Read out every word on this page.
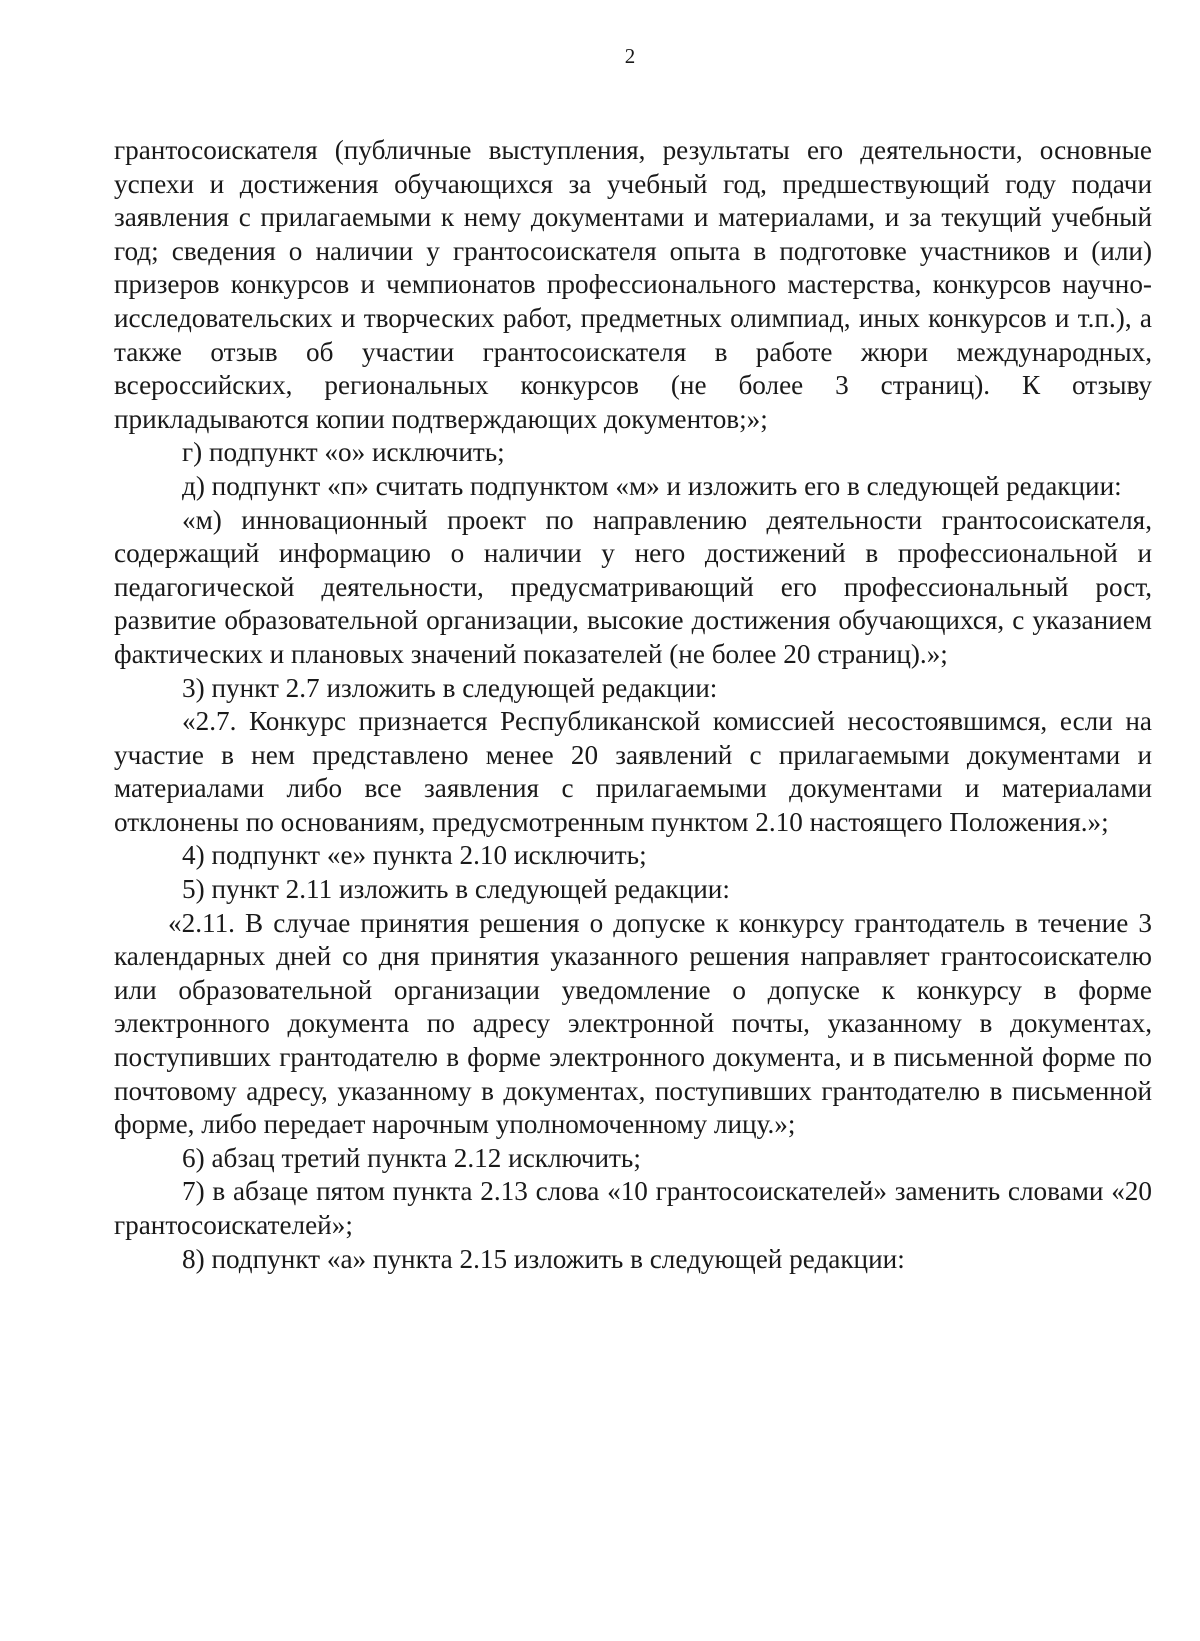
2

грантосоискателя (публичные выступления, результаты его деятельности, основные успехи и достижения обучающихся за учебный год, предшествующий году подачи заявления с прилагаемыми к нему документами и материалами, и за текущий учебный год; сведения о наличии у грантосоискателя опыта в подготовке участников и (или) призеров конкурсов и чемпионатов профессионального мастерства, конкурсов научно-исследовательских и творческих работ, предметных олимпиад, иных конкурсов и т.п.), а также отзыв об участии грантосоискателя в работе жюри международных, всероссийских, региональных конкурсов (не более 3 страниц). К отзыву прикладываются копии подтверждающих документов;»;

г) подпункт «о» исключить;

д) подпункт «п» считать подпунктом «м» и изложить его в следующей редакции:

«м) инновационный проект по направлению деятельности грантосоискателя, содержащий информацию о наличии у него достижений в профессиональной и педагогической деятельности, предусматривающий его профессиональный рост, развитие образовательной организации, высокие достижения обучающихся, с указанием фактических и плановых значений показателей (не более 20 страниц).»;

3) пункт 2.7 изложить в следующей редакции:

«2.7. Конкурс признается Республиканской комиссией несостоявшимся, если на участие в нем представлено менее 20 заявлений с прилагаемыми документами и материалами либо все заявления с прилагаемыми документами и материалами отклонены по основаниям, предусмотренным пунктом 2.10 настоящего Положения.»;

4) подпункт «е» пункта 2.10 исключить;

5) пункт 2.11 изложить в следующей редакции:

«2.11. В случае принятия решения о допуске к конкурсу грантодатель в течение 3 календарных дней со дня принятия указанного решения направляет грантосоискателю или образовательной организации уведомление о допуске к конкурсу в форме электронного документа по адресу электронной почты, указанному в документах, поступивших грантодателю в форме электронного документа, и в письменной форме по почтовому адресу, указанному в документах, поступивших грантодателю в письменной форме, либо передает нарочным уполномоченному лицу.»;

6) абзац третий пункта 2.12 исключить;

7) в абзаце пятом пункта 2.13 слова «10 грантосоискателей» заменить словами «20 грантосоискателей»;

8) подпункт «а» пункта 2.15 изложить в следующей редакции:
